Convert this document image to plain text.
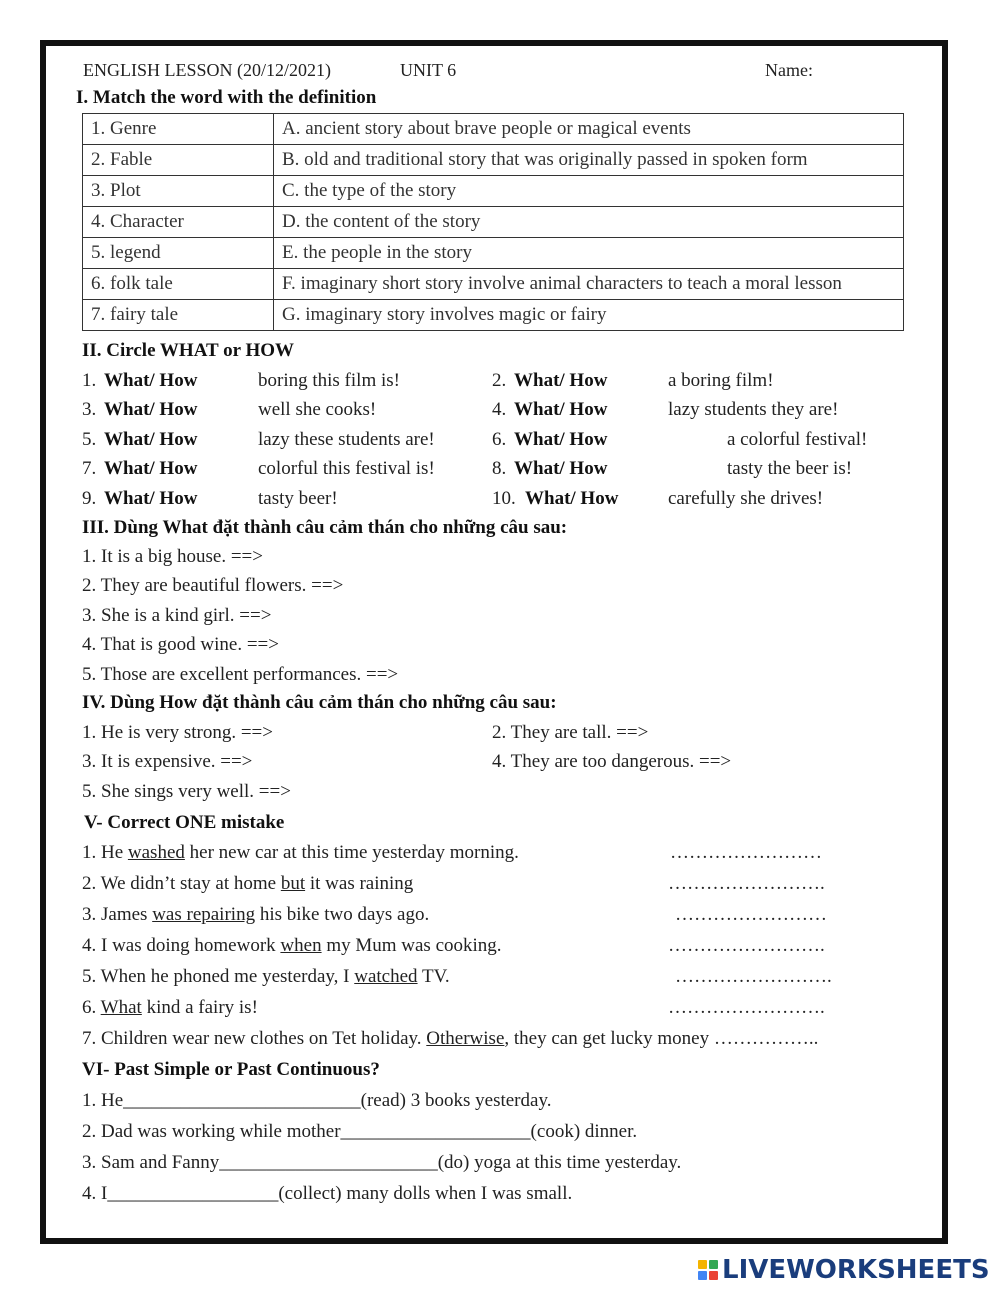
ENGLISH LESSON (20/12/2021)	UNIT 6	Name:
I. Match the word with the definition
1. Genre	A. ancient story about brave people or magical events
2. Fable	B. old and traditional story that was originally passed in spoken form
3. Plot	C. the type of the story
4. Character	D. the content of the story
5. legend	E. the people in the story
6. folk tale	F. imaginary short story involve animal characters to teach a moral lesson
7. fairy tale	G. imaginary story involves magic or fairy
II. Circle WHAT or HOW
1. What/ How	boring this film is!	2. What/ How	a boring film!
3. What/ How	well she cooks!	4. What/ How	lazy students they are!
5. What/ How	lazy these students are!	6. What/ How	a colorful festival!
7. What/ How	colorful this festival is!	8. What/ How	tasty the beer is!
9. What/ How	tasty beer!	10. What/ How	carefully she drives!
III. Dùng What đặt thành câu cảm thán cho những câu sau:
1. It is a big house. ==>
2. They are beautiful flowers. ==>
3. She is a kind girl. ==>
4. That is good wine. ==>
5. Those are excellent performances. ==>
IV. Dùng How đặt thành câu cảm thán cho những câu sau:
1. He is very strong. ==>	2. They are tall. ==>
3. It is expensive. ==>	4. They are too dangerous. ==>
5. She sings very well. ==>
V- Correct ONE mistake
1. He washed her new car at this time yesterday morning.	……………………
2. We didn’t stay at home but it was raining	…………………….
3. James was repairing his bike two days ago.	……………………
4. I was doing homework when my Mum was cooking.	…………………….
5. When he phoned me yesterday, I watched TV.	…………………….
6. What kind a fairy is!	…………………….
7. Children wear new clothes on Tet holiday. Otherwise, they can get lucky money ……………..
VI- Past Simple or Past Continuous?
1. He_________________________(read) 3 books yesterday.
2. Dad was working while mother____________________(cook) dinner.
3. Sam and Fanny_______________________(do) yoga at this time yesterday.
4. I__________________(collect) many dolls when I was small.
LIVEWORKSHEETS
